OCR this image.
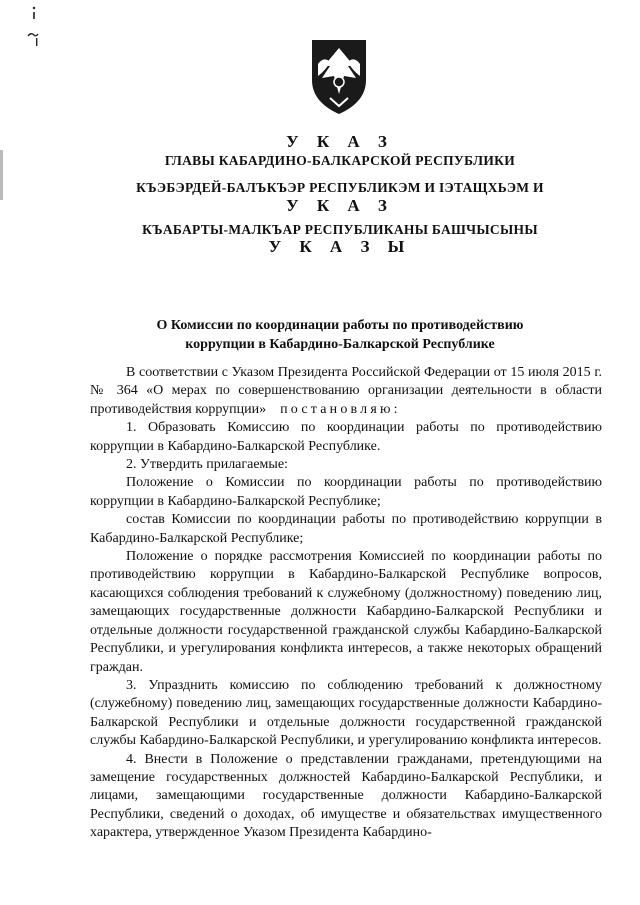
У К А З
ГЛАВЫ КАБАРДИНО-БАЛКАРСКОЙ РЕСПУБЛИКИ
КЪЭБЭРДЕЙ-БАЛЪКЪЭР РЕСПУБЛИКЭМ И ІЭТАЩХЬЭМ И
У К А З
КЪАБАРТЫ-МАЛКЪАР РЕСПУБЛИКАНЫ БАШЧЫСЫНЫ
У К А З Ы
О Комиссии по координации работы по противодействию
коррупции в Кабардино-Балкарской Республике

В соответствии с Указом Президента Российской Федерации от 15 июля 2015 г. № 364 «О мерах по совершенствованию организации деятельности в области противодействия коррупции» постановляю:

1. Образовать Комиссию по координации работы по противодействию коррупции в Кабардино-Балкарской Республике.

2. Утвердить прилагаемые:

Положение о Комиссии по координации работы по противодействию коррупции в Кабардино-Балкарской Республике;

состав Комиссии по координации работы по противодействию коррупции в Кабардино-Балкарской Республике;

Положение о порядке рассмотрения Комиссией по координации работы по противодействию коррупции в Кабардино-Балкарской Республике вопросов, касающихся соблюдения требований к служебному (должностному) поведению лиц, замещающих государственные должности Кабардино-Балкарской Республики и отдельные должности государственной гражданской службы Кабардино-Балкарской Республики, и урегулирования конфликта интересов, а также некоторых обращений граждан.

3. Упразднить комиссию по соблюдению требований к должностному (служебному) поведению лиц, замещающих государственные должности Кабардино-Балкарской Республики и отдельные должности государственной гражданской службы Кабардино-Балкарской Республики, и урегулированию конфликта интересов.

4. Внести в Положение о представлении гражданами, претендующими на замещение государственных должностей Кабардино-Балкарской Республики, и лицами, замещающими государственные должности Кабардино-Балкарской Республики, сведений о доходах, об имуществе и обязательствах имущественного характера, утвержденное Указом Президента Кабардино-
